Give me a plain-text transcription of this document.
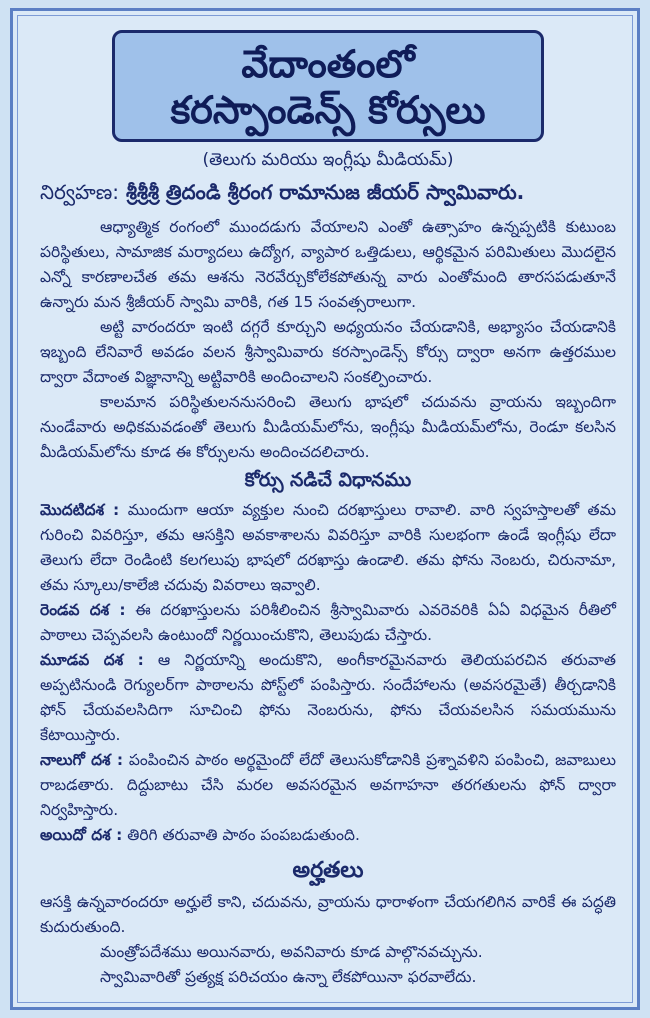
వేదాంతంలో
కరస్పాండెన్స్ కోర్సులు
(తెలుగు మరియు ఇంగ్లీషు మీడియమ్)
నిర్వహణ: శ్రీశ్రీశ్రీ త్రిదండి శ్రీరంగ రామానుజ జీయర్ స్వామివారు.

ఆధ్యాత్మిక రంగంలో ముందడుగు వేయాలని ఎంతో ఉత్సాహం ఉన్నప్పటికి కుటుంబ పరిస్థితులు, సామాజిక మర్యాదలు ఉద్యోగ, వ్యాపార ఒత్తిడులు, ఆర్థికమైన పరిమితులు మొదలైన ఎన్నో కారణాలచేత తమ ఆశను నెరవేర్చుకోలేకపోతున్న వారు ఎంతోమంది తారసపడుతూనే ఉన్నారు మన శ్రీజీయర్ స్వామి వారికి, గత 15 సంవత్సరాలుగా.

అట్టి వారందరూ ఇంటి దగ్గరే కూర్చుని అధ్యయనం చేయడానికి, అభ్యాసం చేయడానికి ఇబ్బంది లేనివారే అవడం వలన శ్రీస్వామివారు కరస్పాండెన్స్ కోర్సు ద్వారా అనగా ఉత్తరముల ద్వారా వేదాంత విజ్ఞానాన్ని అట్టివారికి అందించాలని సంకల్పించారు.

కాలమాన పరిస్థితులననుసరించి తెలుగు భాషలో చదువను వ్రాయను ఇబ్బందిగా నుండేవారు అధికమవడంతో తెలుగు మీడియమ్‌లోను, ఇంగ్లీషు మీడియమ్‌లోను, రెండూ కలసిన మీడియమ్‌లోను కూడ ఈ కోర్సులను అందించదలిచారు.

కోర్సు నడిచే విధానము

మొదటిదశ : ముందుగా ఆయా వ్యక్తుల నుంచి దరఖాస్తులు రావాలి. వారి స్వహస్తాలతో తమ గురించి వివరిస్తూ, తమ ఆసక్తిని అవకాశాలను వివరిస్తూ వారికి సులభంగా ఉండే ఇంగ్లీషు లేదా తెలుగు లేదా రెండింటి కలగలుపు భాషలో దరఖాస్తు ఉండాలి. తమ ఫోను నెంబరు, చిరునామా, తమ స్కూలు/కాలేజి చదువు వివరాలు ఇవ్వాలి.

రెండవ దశ : ఈ దరఖాస్తులను పరిశీలించిన శ్రీస్వామివారు ఎవరెవరికి ఏఏ విధమైన రీతిలో పాఠాలు చెప్పవలసి ఉంటుందో నిర్ణయించుకొని, తెలుపుడు చేస్తారు.

మూడవ దశ : ఆ నిర్ణయాన్ని అందుకొని, అంగీకారమైనవారు తెలియపరచిన తరువాత అప్పటినుండి రెగ్యులర్‌గా పాఠాలను పోస్ట్‌లో పంపిస్తారు. సందేహాలను (అవసరమైతే) తీర్చడానికి ఫోన్ చేయవలసిదిగా సూచించి ఫోను నెంబరును, ఫోను చేయవలసిన సమయమును కేటాయిస్తారు.

నాలుగో దశ : పంపించిన పాఠం అర్థమైందో లేదో తెలుసుకోడానికి ప్రశ్నావళిని పంపించి, జవాబులు రాబడతారు. దిద్దుబాటు చేసి మరల అవసరమైన అవగాహనా తరగతులను ఫోన్ ద్వారా నిర్వహిస్తారు.

అయిదో దశ : తిరిగి తరువాతి పాఠం పంపబడుతుంది.

అర్హతలు

ఆసక్తి ఉన్నవారందరూ అర్హులే కాని, చదువను, వ్రాయను ధారాళంగా చేయగలిగిన వారికే ఈ పద్ధతి కుదురుతుంది.

మంత్రోపదేశము అయినవారు, అవనివారు కూడ పాల్గొనవచ్చును.

స్వామివారితో ప్రత్యక్ష పరిచయం ఉన్నా లేకపోయినా ఫరవాలేదు.
